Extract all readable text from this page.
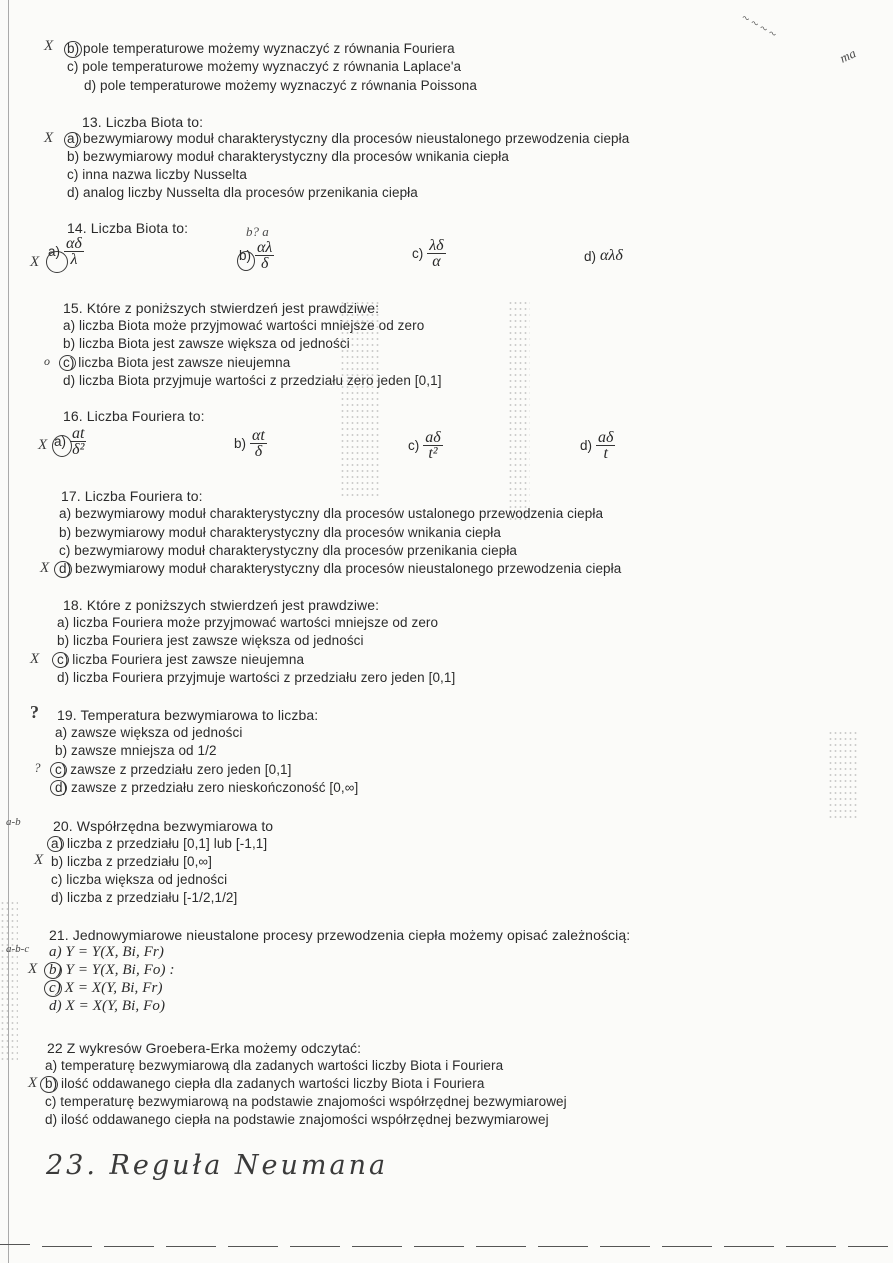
~ ~ ~ ~
ma
X b) pole temperaturowe możemy wyznaczyć z równania Fouriera
c) pole temperaturowe możemy wyznaczyć z równania Laplace'a
d) pole temperaturowe możemy wyznaczyć z równania Poissona
13. Liczba Biota to:
X a) bezwymiarowy moduł charakterystyczny dla procesów nieustalonego przewodzenia ciepła
b) bezwymiarowy moduł charakterystyczny dla procesów wnikania ciepła
c) inna nazwa liczby Nusselta
d) analog liczby Nusselta dla procesów przenikania ciepła
14. Liczba Biota to:
X
$a) \frac{\alpha\delta}{\lambda}$
b? a
$b) \frac{\alpha\lambda}{\delta}$	$c) \frac{\lambda\delta}{\alpha}$	d) αλδ
15. Które z poniższych stwierdzeń jest prawdziwe:
a) liczba Biota może przyjmować wartości mniejsze od zero
b) liczba Biota jest zawsze większa od jedności
o c) liczba Biota jest zawsze nieujemna
d) liczba Biota przyjmuje wartości z przedziału zero jeden [0,1]
16. Liczba Fouriera to:
X $a) \frac{at}{\text{δ²}}$	$b) \frac{\alpha t}{\delta}$	$c) \frac{a\delta}{\text{t²}}$	$d) \frac{a\delta}{t}$
17. Liczba Fouriera to:
a) bezwymiarowy moduł charakterystyczny dla procesów ustalonego przewodzenia ciepła
b) bezwymiarowy moduł charakterystyczny dla procesów wnikania ciepła
c) bezwymiarowy moduł charakterystyczny dla procesów przenikania ciepła
X d) bezwymiarowy moduł charakterystyczny dla procesów nieustalonego przewodzenia ciepła
18. Które z poniższych stwierdzeń jest prawdziwe:
a) liczba Fouriera może przyjmować wartości mniejsze od zero
b) liczba Fouriera jest zawsze większa od jedności
X c) liczba Fouriera jest zawsze nieujemna
d) liczba Fouriera przyjmuje wartości z przedziału zero jeden [0,1]
? 19. Temperatura bezwymiarowa to liczba:
a) zawsze większa od jedności
b) zawsze mniejsza od 1/2
? c) zawsze z przedziału zero jeden [0,1]
d) zawsze z przedziału zero nieskończoność [0,∞]
a-b 20. Współrzędna bezwymiarowa to
a) liczba z przedziału [0,1] lub [-1,1]
X b) liczba z przedziału [0,∞]
c) liczba większa od jedności
d) liczba z przedziału [-1/2,1/2]
21. Jednowymiarowe nieustalone procesy przewodzenia ciepła możemy opisać zależnością:
a-b-c a) Y = Y(X, Bi, Fr)
X b) Y = Y(X, Bi, Fo) :
c) X = X(Y, Bi, Fr)
d) X = X(Y, Bi, Fo)
22 Z wykresów Groebera-Erka możemy odczytać:
a) temperaturę bezwymiarową dla zadanych wartości liczby Biota i Fouriera
X b) ilość oddawanego ciepła dla zadanych wartości liczby Biota i Fouriera
c) temperaturę bezwymiarową na podstawie znajomości współrzędnej bezwymiarowej
d) ilość oddawanego ciepła na podstawie znajomości współrzędnej bezwymiarowej
23. Reguła Neumana
